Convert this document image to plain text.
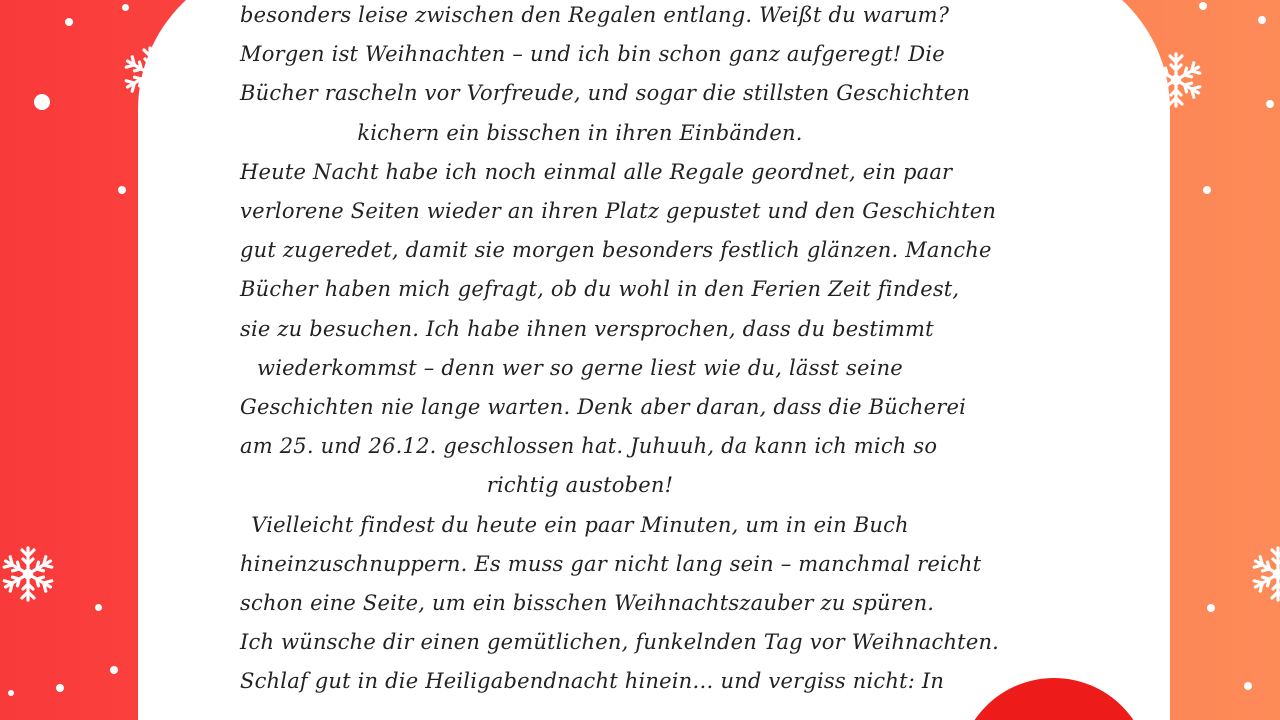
besonders leise zwischen den Regalen entlang. Weißt du warum?
Morgen ist Weihnachten – und ich bin schon ganz aufgeregt! Die
Bücher rascheln vor Vorfreude, und sogar die stillsten Geschichten
kichern ein bisschen in ihren Einbänden.
Heute Nacht habe ich noch einmal alle Regale geordnet, ein paar
verlorene Seiten wieder an ihren Platz gepustet und den Geschichten
gut zugeredet, damit sie morgen besonders festlich glänzen. Manche
Bücher haben mich gefragt, ob du wohl in den Ferien Zeit findest,
sie zu besuchen. Ich habe ihnen versprochen, dass du bestimmt
wiederkommst – denn wer so gerne liest wie du, lässt seine
Geschichten nie lange warten. Denk aber daran, dass die Bücherei
am 25. und 26.12. geschlossen hat. Juhuuh, da kann ich mich so
richtig austoben!
Vielleicht findest du heute ein paar Minuten, um in ein Buch
hineinzuschnuppern. Es muss gar nicht lang sein – manchmal reicht
schon eine Seite, um ein bisschen Weihnachtszauber zu spüren.
Ich wünsche dir einen gemütlichen, funkelnden Tag vor Weihnachten.
Schlaf gut in die Heiligabendnacht hinein… und vergiss nicht: In
